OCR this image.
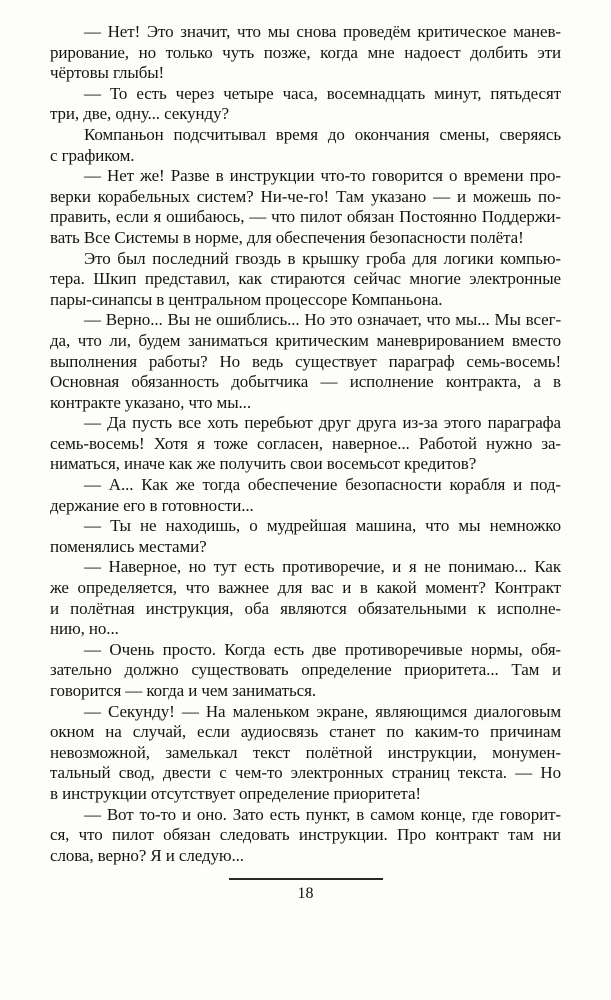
— Нет! Это значит, что мы снова проведём критическое манев-
рирование, но только чуть позже, когда мне надоест долбить эти
чёртовы глыбы!
— То есть через четыре часа, восемнадцать минут, пятьдесят
три, две, одну... секунду?
Компаньон подсчитывал время до окончания смены, сверяясь
с графиком.
— Нет же! Разве в инструкции что-то говорится о времени про-
верки корабельных систем? Ни-че-го! Там указано — и можешь по-
править, если я ошибаюсь, — что пилот обязан Постоянно Поддержи-
вать Все Системы в норме, для обеспечения безопасности полёта!
Это был последний гвоздь в крышку гроба для логики компью-
тера. Шкип представил, как стираются сейчас многие электронные
пары-синапсы в центральном процессоре Компаньона.
— Верно... Вы не ошиблись... Но это означает, что мы... Мы всег-
да, что ли, будем заниматься критическим маневрированием вместо
выполнения работы? Но ведь существует параграф семь-восемь!
Основная обязанность добытчика — исполнение контракта, а в
контракте указано, что мы...
— Да пусть все хоть перебьют друг друга из-за этого параграфа
семь-восемь! Хотя я тоже согласен, наверное... Работой нужно за-
ниматься, иначе как же получить свои восемьсот кредитов?
— А... Как же тогда обеспечение безопасности корабля и под-
держание его в готовности...
— Ты не находишь, о мудрейшая машина, что мы немножко
поменялись местами?
— Наверное, но тут есть противоречие, и я не понимаю... Как
же определяется, что важнее для вас и в какой момент? Контракт
и полётная инструкция, оба являются обязательными к исполне-
нию, но...
— Очень просто. Когда есть две противоречивые нормы, обя-
зательно должно существовать определение приоритета... Там и
говорится — когда и чем заниматься.
— Секунду! — На маленьком экране, являющимся диалоговым
окном на случай, если аудиосвязь станет по каким-то причинам
невозможной, замелькал текст полётной инструкции, монумен-
тальный свод, двести с чем-то электронных страниц текста. — Но
в инструкции отсутствует определение приоритета!
— Вот то-то и оно. Зато есть пункт, в самом конце, где говорит-
ся, что пилот обязан следовать инструкции. Про контракт там ни
слова, верно? Я и следую...
18
